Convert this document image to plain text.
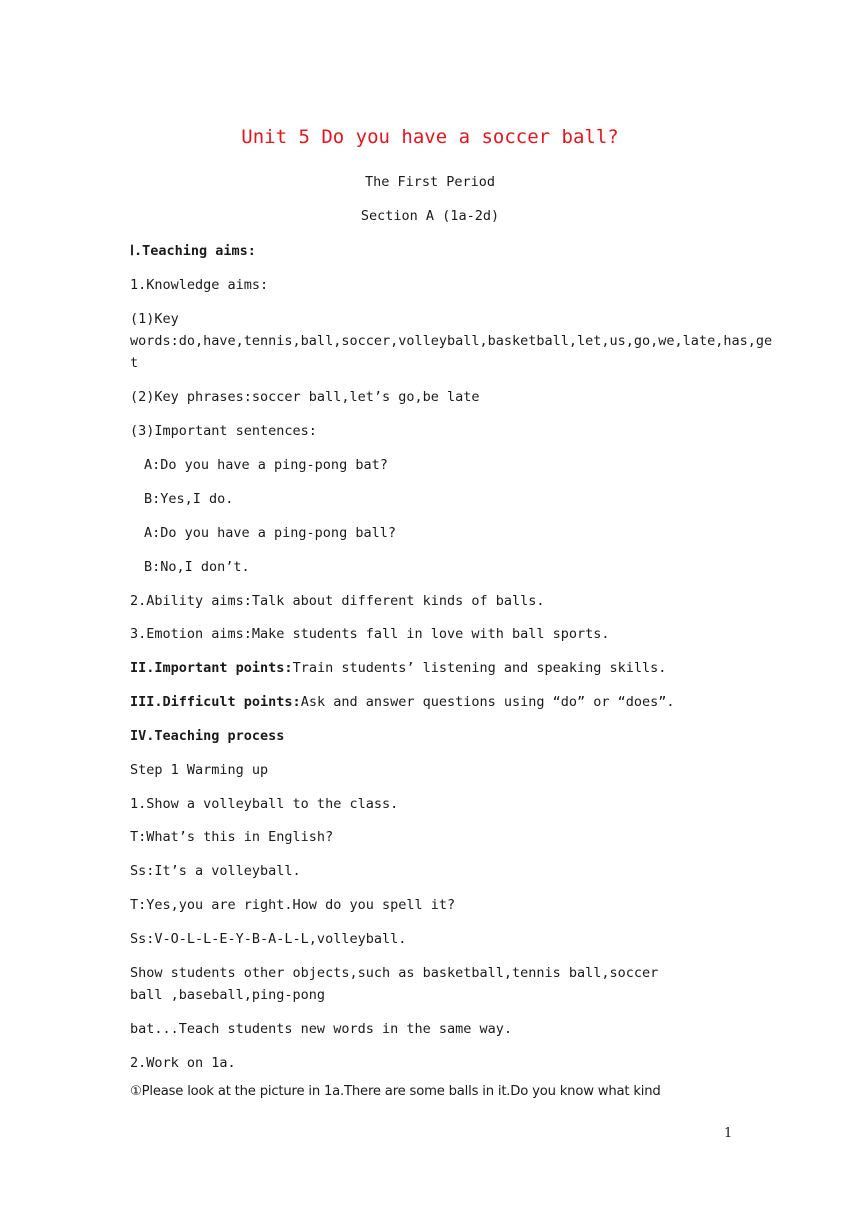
Unit 5 Do you have a soccer ball?
The First Period
Section A (1a-2d)
Ⅰ.Teaching aims:
1.Knowledge aims:
(1)Key
words:do,have,tennis,ball,soccer,volleyball,basketball,let,us,go,we,late,has,ge
t
(2)Key phrases:soccer ball,let’s go,be late
(3)Important sentences:
A:Do you have a ping-pong bat?
B:Yes,I do.
A:Do you have a ping-pong ball?
B:No,I don’t.
2.Ability aims:Talk about different kinds of balls.
3.Emotion aims:Make students fall in love with ball sports.
II.Important points:Train students’ listening and speaking skills.
III.Difficult points:Ask and answer questions using “do” or “does”.
IV.Teaching process
Step 1 Warming up
1.Show a volleyball to the class.
T:What’s this in English?
Ss:It’s a volleyball.
T:Yes,you are right.How do you spell it?
Ss:V-O-L-L-E-Y-B-A-L-L,volleyball.
Show students other objects,such as basketball,tennis ball,soccer
ball ,baseball,ping-pong
bat...Teach students new words in the same way.
2.Work on 1a.
①Please look at the picture in 1a.There are some balls in it.Do you know what kind
1
